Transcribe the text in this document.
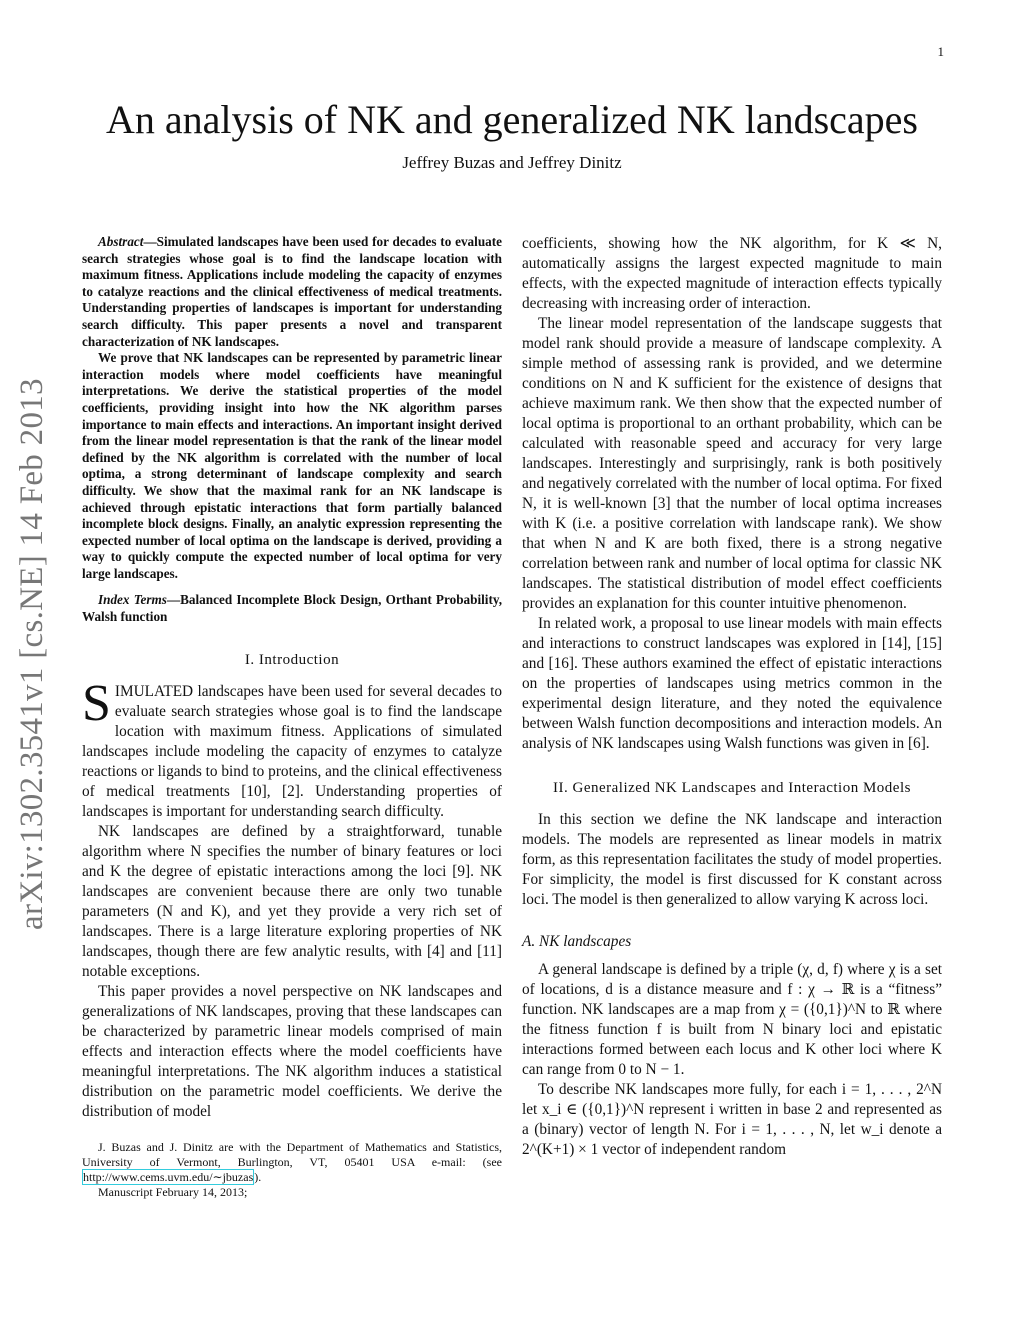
1
arXiv:1302.3541v1 [cs.NE] 14 Feb 2013
An analysis of NK and generalized NK landscapes
Jeffrey Buzas and Jeffrey Dinitz

Abstract—Simulated landscapes have been used for decades to evaluate search strategies whose goal is to find the landscape location with maximum fitness. Applications include modeling the capacity of enzymes to catalyze reactions and the clinical effectiveness of medical treatments. Understanding properties of landscapes is important for understanding search difficulty. This paper presents a novel and transparent characterization of NK landscapes.

We prove that NK landscapes can be represented by parametric linear interaction models where model coefficients have meaningful interpretations. We derive the statistical properties of the model coefficients, providing insight into how the NK algorithm parses importance to main effects and interactions. An important insight derived from the linear model representation is that the rank of the linear model defined by the NK algorithm is correlated with the number of local optima, a strong determinant of landscape complexity and search difficulty. We show that the maximal rank for an NK landscape is achieved through epistatic interactions that form partially balanced incomplete block designs. Finally, an analytic expression representing the expected number of local optima on the landscape is derived, providing a way to quickly compute the expected number of local optima for very large landscapes.

Index Terms—Balanced Incomplete Block Design, Orthant Probability, Walsh function

I. Introduction

SIMULATED landscapes have been used for several decades to evaluate search strategies whose goal is to find the landscape location with maximum fitness. Applications of simulated landscapes include modeling the capacity of enzymes to catalyze reactions or ligands to bind to proteins, and the clinical effectiveness of medical treatments [10], [2]. Understanding properties of landscapes is important for understanding search difficulty.

NK landscapes are defined by a straightforward, tunable algorithm where N specifies the number of binary features or loci and K the degree of epistatic interactions among the loci [9]. NK landscapes are convenient because there are only two tunable parameters (N and K), and yet they provide a very rich set of landscapes. There is a large literature exploring properties of NK landscapes, though there are few analytic results, with [4] and [11] notable exceptions.

This paper provides a novel perspective on NK landscapes and generalizations of NK landscapes, proving that these landscapes can be characterized by parametric linear models comprised of main effects and interaction effects where the model coefficients have meaningful interpretations. The NK algorithm induces a statistical distribution on the parametric model coefficients. We derive the distribution of model

J. Buzas and J. Dinitz are with the Department of Mathematics and Statistics, University of Vermont, Burlington, VT, 05401 USA e-mail: (see http://www.cems.uvm.edu/∼jbuzas).

Manuscript February 14, 2013;

coefficients, showing how the NK algorithm, for K ≪ N, automatically assigns the largest expected magnitude to main effects, with the expected magnitude of interaction effects typically decreasing with increasing order of interaction.

The linear model representation of the landscape suggests that model rank should provide a measure of landscape complexity. A simple method of assessing rank is provided, and we determine conditions on N and K sufficient for the existence of designs that achieve maximum rank. We then show that the expected number of local optima is proportional to an orthant probability, which can be calculated with reasonable speed and accuracy for very large landscapes. Interestingly and surprisingly, rank is both positively and negatively correlated with the number of local optima. For fixed N, it is well-known [3] that the number of local optima increases with K (i.e. a positive correlation with landscape rank). We show that when N and K are both fixed, there is a strong negative correlation between rank and number of local optima for classic NK landscapes. The statistical distribution of model effect coefficients provides an explanation for this counter intuitive phenomenon.

In related work, a proposal to use linear models with main effects and interactions to construct landscapes was explored in [14], [15] and [16]. These authors examined the effect of epistatic interactions on the properties of landscapes using metrics common in the experimental design literature, and they noted the equivalence between Walsh function decompositions and interaction models. An analysis of NK landscapes using Walsh functions was given in [6].

II. Generalized NK Landscapes and Interaction Models

In this section we define the NK landscape and interaction models. The models are represented as linear models in matrix form, as this representation facilitates the study of model properties. For simplicity, the model is first discussed for K constant across loci. The model is then generalized to allow varying K across loci.

A. NK landscapes

A general landscape is defined by a triple (χ, d, f) where χ is a set of locations, d is a distance measure and f : χ → ℝ is a “fitness” function. NK landscapes are a map from χ = ({0,1})^N to ℝ where the fitness function f is built from N binary loci and epistatic interactions formed between each locus and K other loci where K can range from 0 to N − 1.

To describe NK landscapes more fully, for each i = 1, . . . , 2^N let x_i ∈ ({0,1})^N represent i written in base 2 and represented as a (binary) vector of length N. For i = 1, . . . , N, let w_i denote a 2^(K+1) × 1 vector of independent random
